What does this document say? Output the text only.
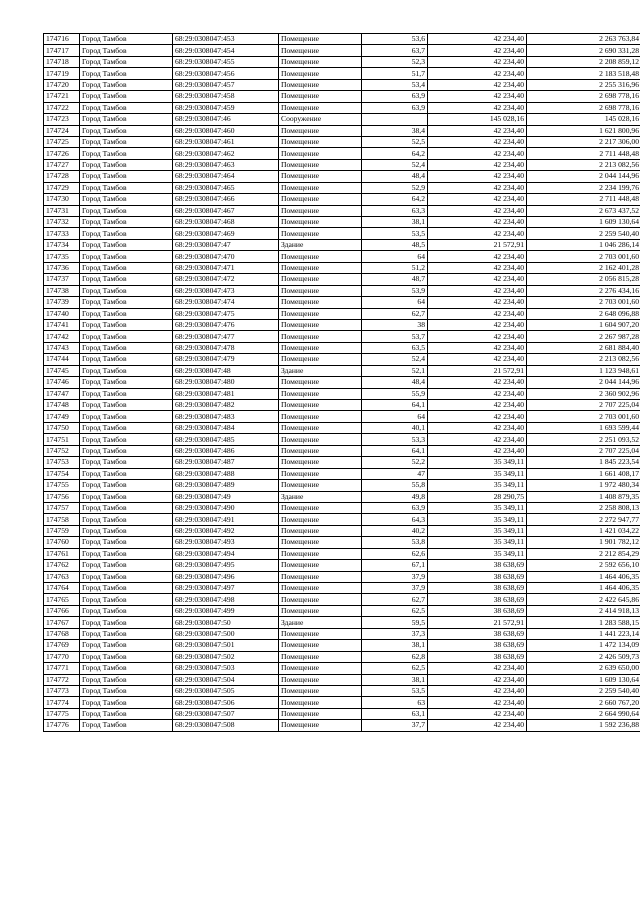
174716	Город Тамбов	68:29:0308047:453	Помещение	53,6	42 234,40	2 263 763,84
174717	Город Тамбов	68:29:0308047:454	Помещение	63,7	42 234,40	2 690 331,28
174718	Город Тамбов	68:29:0308047:455	Помещение	52,3	42 234,40	2 208 859,12
174719	Город Тамбов	68:29:0308047:456	Помещение	51,7	42 234,40	2 183 518,48
174720	Город Тамбов	68:29:0308047:457	Помещение	53,4	42 234,40	2 255 316,96
174721	Город Тамбов	68:29:0308047:458	Помещение	63,9	42 234,40	2 698 778,16
174722	Город Тамбов	68:29:0308047:459	Помещение	63,9	42 234,40	2 698 778,16
174723	Город Тамбов	68:29:0308047:46	Сооружение		145 028,16	145 028,16
174724	Город Тамбов	68:29:0308047:460	Помещение	38,4	42 234,40	1 621 800,96
174725	Город Тамбов	68:29:0308047:461	Помещение	52,5	42 234,40	2 217 306,00
174726	Город Тамбов	68:29:0308047:462	Помещение	64,2	42 234,40	2 711 448,48
174727	Город Тамбов	68:29:0308047:463	Помещение	52,4	42 234,40	2 213 082,56
174728	Город Тамбов	68:29:0308047:464	Помещение	48,4	42 234,40	2 044 144,96
174729	Город Тамбов	68:29:0308047:465	Помещение	52,9	42 234,40	2 234 199,76
174730	Город Тамбов	68:29:0308047:466	Помещение	64,2	42 234,40	2 711 448,48
174731	Город Тамбов	68:29:0308047:467	Помещение	63,3	42 234,40	2 673 437,52
174732	Город Тамбов	68:29:0308047:468	Помещение	38,1	42 234,40	1 609 130,64
174733	Город Тамбов	68:29:0308047:469	Помещение	53,5	42 234,40	2 259 540,40
174734	Город Тамбов	68:29:0308047:47	Здание	48,5	21 572,91	1 046 286,14
174735	Город Тамбов	68:29:0308047:470	Помещение	64	42 234,40	2 703 001,60
174736	Город Тамбов	68:29:0308047:471	Помещение	51,2	42 234,40	2 162 401,28
174737	Город Тамбов	68:29:0308047:472	Помещение	48,7	42 234,40	2 056 815,28
174738	Город Тамбов	68:29:0308047:473	Помещение	53,9	42 234,40	2 276 434,16
174739	Город Тамбов	68:29:0308047:474	Помещение	64	42 234,40	2 703 001,60
174740	Город Тамбов	68:29:0308047:475	Помещение	62,7	42 234,40	2 648 096,88
174741	Город Тамбов	68:29:0308047:476	Помещение	38	42 234,40	1 604 907,20
174742	Город Тамбов	68:29:0308047:477	Помещение	53,7	42 234,40	2 267 987,28
174743	Город Тамбов	68:29:0308047:478	Помещение	63,5	42 234,40	2 681 884,40
174744	Город Тамбов	68:29:0308047:479	Помещение	52,4	42 234,40	2 213 082,56
174745	Город Тамбов	68:29:0308047:48	Здание	52,1	21 572,91	1 123 948,61
174746	Город Тамбов	68:29:0308047:480	Помещение	48,4	42 234,40	2 044 144,96
174747	Город Тамбов	68:29:0308047:481	Помещение	55,9	42 234,40	2 360 902,96
174748	Город Тамбов	68:29:0308047:482	Помещение	64,1	42 234,40	2 707 225,04
174749	Город Тамбов	68:29:0308047:483	Помещение	64	42 234,40	2 703 001,60
174750	Город Тамбов	68:29:0308047:484	Помещение	40,1	42 234,40	1 693 599,44
174751	Город Тамбов	68:29:0308047:485	Помещение	53,3	42 234,40	2 251 093,52
174752	Город Тамбов	68:29:0308047:486	Помещение	64,1	42 234,40	2 707 225,04
174753	Город Тамбов	68:29:0308047:487	Помещение	52,2	35 349,11	1 845 223,54
174754	Город Тамбов	68:29:0308047:488	Помещение	47	35 349,11	1 661 408,17
174755	Город Тамбов	68:29:0308047:489	Помещение	55,8	35 349,11	1 972 480,34
174756	Город Тамбов	68:29:0308047:49	Здание	49,8	28 290,75	1 408 879,35
174757	Город Тамбов	68:29:0308047:490	Помещение	63,9	35 349,11	2 258 808,13
174758	Город Тамбов	68:29:0308047:491	Помещение	64,3	35 349,11	2 272 947,77
174759	Город Тамбов	68:29:0308047:492	Помещение	40,2	35 349,11	1 421 034,22
174760	Город Тамбов	68:29:0308047:493	Помещение	53,8	35 349,11	1 901 782,12
174761	Город Тамбов	68:29:0308047:494	Помещение	62,6	35 349,11	2 212 854,29
174762	Город Тамбов	68:29:0308047:495	Помещение	67,1	38 638,69	2 592 656,10
174763	Город Тамбов	68:29:0308047:496	Помещение	37,9	38 638,69	1 464 406,35
174764	Город Тамбов	68:29:0308047:497	Помещение	37,9	38 638,69	1 464 406,35
174765	Город Тамбов	68:29:0308047:498	Помещение	62,7	38 638,69	2 422 645,86
174766	Город Тамбов	68:29:0308047:499	Помещение	62,5	38 638,69	2 414 918,13
174767	Город Тамбов	68:29:0308047:50	Здание	59,5	21 572,91	1 283 588,15
174768	Город Тамбов	68:29:0308047:500	Помещение	37,3	38 638,69	1 441 223,14
174769	Город Тамбов	68:29:0308047:501	Помещение	38,1	38 638,69	1 472 134,09
174770	Город Тамбов	68:29:0308047:502	Помещение	62,8	38 638,69	2 426 509,73
174771	Город Тамбов	68:29:0308047:503	Помещение	62,5	42 234,40	2 639 650,00
174772	Город Тамбов	68:29:0308047:504	Помещение	38,1	42 234,40	1 609 130,64
174773	Город Тамбов	68:29:0308047:505	Помещение	53,5	42 234,40	2 259 540,40
174774	Город Тамбов	68:29:0308047:506	Помещение	63	42 234,40	2 660 767,20
174775	Город Тамбов	68:29:0308047:507	Помещение	63,1	42 234,40	2 664 990,64
174776	Город Тамбов	68:29:0308047:508	Помещение	37,7	42 234,40	1 592 236,88
